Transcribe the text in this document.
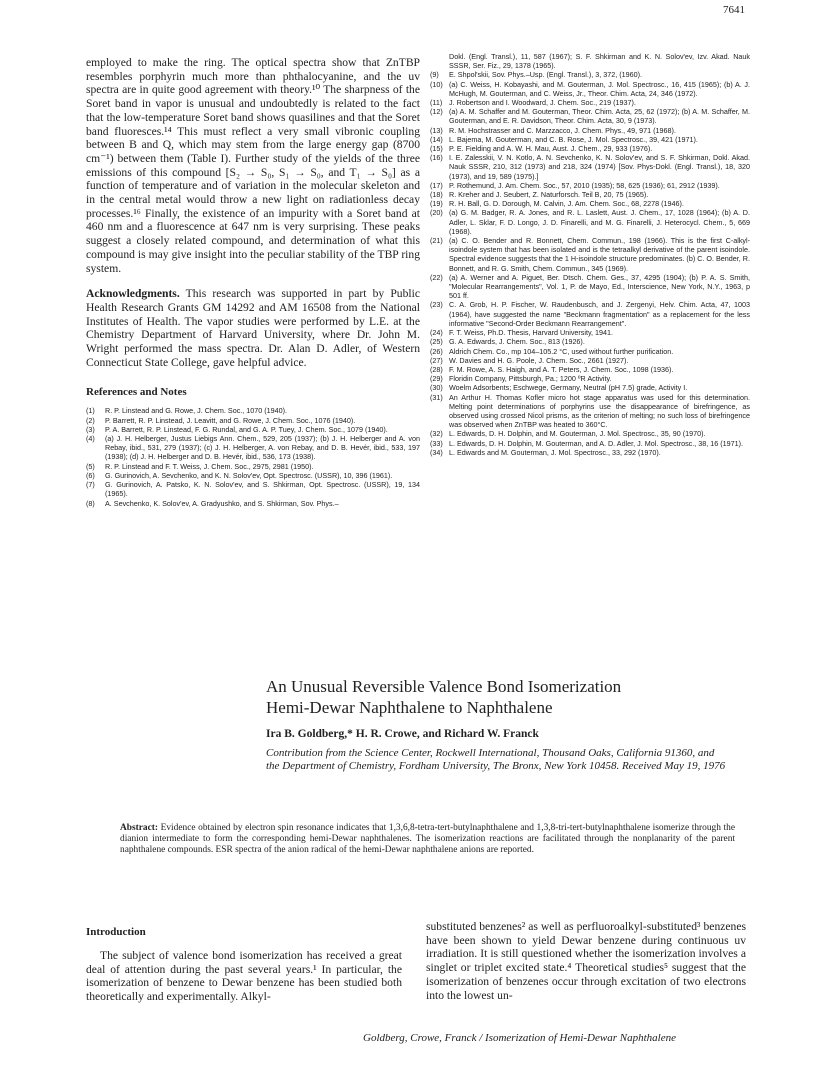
7641

employed to make the ring. The optical spectra show that ZnTBP resembles porphyrin much more than phthalocyanine, and the uv spectra are in quite good agreement with theory.¹⁰ The sharpness of the Soret band in vapor is unusual and undoubtedly is related to the fact that the low-temperature Soret band shows quasilines and that the Soret band fluoresces.¹⁴ This must reflect a very small vibronic coupling between B and Q, which may stem from the large energy gap (8700 cm⁻¹) between them (Table I). Further study of the yields of the three emissions of this compound [S₂ → S₀, S₁ → S₀, and T₁ → S₀] as a function of temperature and of variation in the molecular skeleton and in the central metal would throw a new light on radiationless decay processes.¹⁶ Finally, the existence of an impurity with a Soret band at 460 nm and a fluorescence at 647 nm is very surprising. These peaks suggest a closely related compound, and determination of what this compound is may give insight into the peculiar stability of the TBP ring system.

Acknowledgments. This research was supported in part by Public Health Research Grants GM 14292 and AM 16508 from the National Institutes of Health. The vapor studies were performed by L.E. at the Chemistry Department of Harvard University, where Dr. John M. Wright performed the mass spectra. Dr. Alan D. Adler, of Western Connecticut State College, gave helpful advice.

References and Notes
(1)	R. P. Linstead and G. Rowe, J. Chem. Soc., 1070 (1940).
(2)	P. Barrett, R. P. Linstead, J. Leavitt, and G. Rowe, J. Chem. Soc., 1076 (1940).
(3)	P. A. Barrett, R. P. Linstead, F. G. Rundal, and G. A. P. Tuey, J. Chem. Soc., 1079 (1940).
(4)	(a) J. H. Helberger, Justus Liebigs Ann. Chem., 529, 205 (1937); (b) J. H. Helberger and A. von Rebay, ibid., 531, 279 (1937); (c) J. H. Helberger, A. von Rebay, and D. B. Hevér, ibid., 533, 197 (1938); (d) J. H. Helberger and D. B. Hevér, ibid., 536, 173 (1938).
(5)	R. P. Linstead and F. T. Weiss, J. Chem. Soc., 2975, 2981 (1950).
(6)	G. Gurinovich, A. Sevchenko, and K. N. Solov'ev, Opt. Spectrosc. (USSR), 10, 396 (1961).
(7)	G. Gurinovich, A. Patsko, K. N. Solov'ev, and S. Shkirman, Opt. Spectrosc. (USSR), 19, 134 (1965).
(8)	A. Sevchenko, K. Solov'ev, A. Gradyushko, and S. Shkirman, Sov. Phys.–

Dokl. (Engl. Transl.), 11, 587 (1967); S. F. Shkirman and K. N. Solov'ev, Izv. Akad. Nauk SSSR, Ser. Fiz., 29, 1378 (1965).

(9)	E. Shpol'skii, Sov. Phys.–Usp. (Engl. Transl.), 3, 372, (1960).
(10) (a) C. Weiss, H. Kobayashi, and M. Gouterman, J. Mol. Spectrosc., 16, 415 (1965); (b) A. J. McHugh, M. Gouterman, and C. Weiss, Jr., Theor. Chim. Acta, 24, 346 (1972).
(11) J. Robertson and I. Woodward, J. Chem. Soc., 219 (1937).
(12) (a) A. M. Schaffer and M. Gouterman, Theor. Chim. Acta, 25, 62 (1972); (b) A. M. Schaffer, M. Gouterman, and E. R. Davidson, Theor. Chim. Acta, 30, 9 (1973).
(13) R. M. Hochstrasser and C. Marzzacco, J. Chem. Phys., 49, 971 (1968).
(14) L. Bajema, M. Gouterman, and C. B. Rose, J. Mol. Spectrosc., 39, 421 (1971).
(15) P. E. Fielding and A. W. H. Mau, Aust. J. Chem., 29, 933 (1976).
(16) I. E. Zalesskii, V. N. Kotlo, A. N. Sevchenko, K. N. Solov'ev, and S. F. Shkirman, Dokl. Akad. Nauk SSSR, 210, 312 (1973) and 218, 324 (1974) [Sov. Phys-Dokl. (Engl. Transl.), 18, 320 (1973), and 19, 589 (1975).]
(17) P. Rothemund, J. Am. Chem. Soc., 57, 2010 (1935); 58, 625 (1936); 61, 2912 (1939).
(18) R. Kreher and J. Seubert, Z. Naturforsch. Teil B, 20, 75 (1965).
(19) R. H. Ball, G. D. Dorough, M. Calvin, J. Am. Chem. Soc., 68, 2278 (1946).
(20) (a) G. M. Badger, R. A. Jones, and R. L. Laslett, Aust. J. Chem., 17, 1028 (1964); (b) A. D. Adler, L. Sklar, F. D. Longo, J. D. Finarelli, and M. G. Finarelli, J. Heterocycl. Chem., 5, 669 (1968).
(21) (a) C. O. Bender and R. Bonnett, Chem. Commun., 198 (1966). This is the first C-alkyl-isoindole system that has been isolated and is the tetraalkyl derivative of the parent isoindole. Spectral evidence suggests that the 1 H-isoindole structure predominates. (b) C. O. Bender, R. Bonnett, and R. G. Smith, Chem. Commun., 345 (1969).
(22) (a) A. Werner and A. Piguet, Ber. Dtsch. Chem. Ges., 37, 4295 (1904); (b) P. A. S. Smith, "Molecular Rearrangements", Vol. 1, P. de Mayo, Ed., Interscience, New York, N.Y., 1963, p 501 ff.
(23) C. A. Grob, H. P. Fischer, W. Raudenbusch, and J. Zergenyi, Helv. Chim. Acta, 47, 1003 (1964), have suggested the name "Beckmann fragmentation" as a replacement for the less informative "Second-Order Beckmann Rearrangement".
(24) F. T. Weiss, Ph.D. Thesis, Harvard University, 1941.
(25) G. A. Edwards, J. Chem. Soc., 813 (1926).
(26) Aldrich Chem. Co., mp 104–105.2 °C, used without further purification.
(27) W. Davies and H. G. Poole, J. Chem. Soc., 2661 (1927).
(28) F. M. Rowe, A. S. Haigh, and A. T. Peters, J. Chem. Soc., 1098 (1936).
(29) Floridin Company, Pittsburgh, Pa.; 1200 ºR Activity.
(30) Woelm Adsorbents; Eschwege, Germany, Neutral (pH 7.5) grade, Activity I.
(31) An Arthur H. Thomas Kofler micro hot stage apparatus was used for this determination. Melting point determinations of porphyrins use the disappearance of birefringence, as observed using crossed Nicol prisms, as the criterion of melting; no such loss of birefringence was observed when ZnTBP was heated to 360°C.
(32) L. Edwards, D. H. Dolphin, and M. Gouterman, J. Mol. Spectrosc., 35, 90 (1970).
(33) L. Edwards, D. H. Dolphin, M. Gouterman, and A. D. Adler, J. Mol. Spectrosc., 38, 16 (1971).
(34) L. Edwards and M. Gouterman, J. Mol. Spectrosc., 33, 292 (1970).
An Unusual Reversible Valence Bond Isomerization
Hemi-Dewar Naphthalene to Naphthalene

Ira B. Goldberg,* H. R. Crowe, and Richard W. Franck

Contribution from the Science Center, Rockwell International, Thousand Oaks, California 91360, and the Department of Chemistry, Fordham University, The Bronx, New York 10458. Received May 19, 1976

Abstract: Evidence obtained by electron spin resonance indicates that 1,3,6,8-tetra-tert-butylnaphthalene and 1,3,8-tri-tert-butylnaphthalene isomerize through the dianion intermediate to form the corresponding hemi-Dewar naphthalenes. The isomerization reactions are facilitated through the nonplanarity of the parent naphthalene compounds. ESR spectra of the anion radical of the hemi-Dewar naphthalene anions are reported.

Introduction

The subject of valence bond isomerization has received a great deal of attention during the past several years.¹ In particular, the isomerization of benzene to Dewar benzene has been studied both theoretically and experimentally. Alkyl-

substituted benzenes² as well as perfluoroalkyl-substituted³ benzenes have been shown to yield Dewar benzene during continuous uv irradiation. It is still questioned whether the isomerization involves a singlet or triplet excited state.⁴ Theoretical studies⁵ suggest that the isomerization of benzenes occur through excitation of two electrons into the lowest un-

Goldberg, Crowe, Franck / Isomerization of Hemi-Dewar Naphthalene
